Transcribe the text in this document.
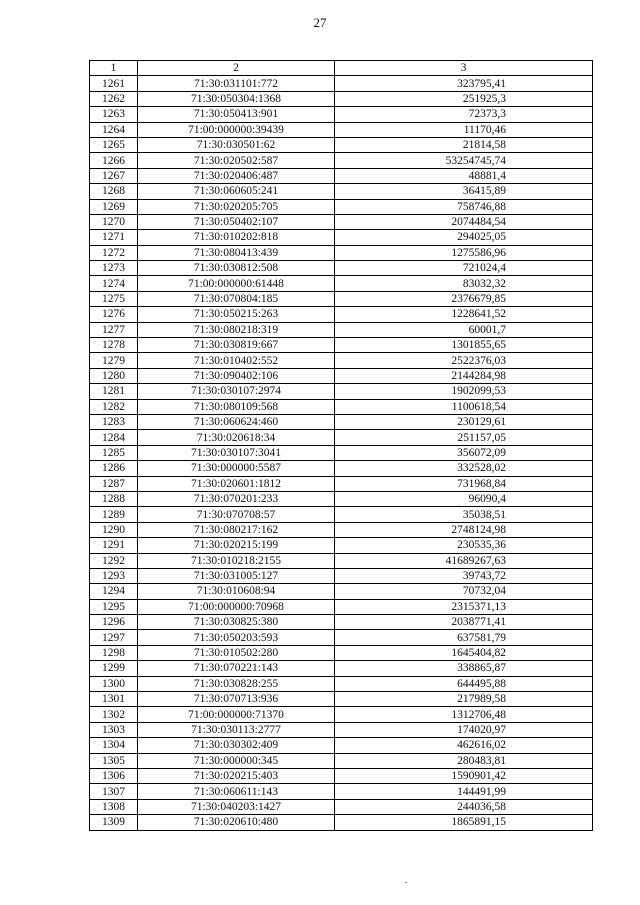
27
1	2	3
1261	71:30:031101:772	323795,41
1262	71:30:050304:1368	251925,3
1263	71:30:050413:901	72373,3
1264	71:00:000000:39439	11170,46
1265	71:30:030501:62	21814,58
1266	71:30:020502:587	53254745,74
1267	71:30:020406:487	48881,4
1268	71:30:060605:241	36415,89
1269	71:30:020205:705	758746,88
1270	71:30:050402:107	2074484,54
1271	71:30:010202:818	294025,05
1272	71:30:080413:439	1275586,96
1273	71:30:030812:508	721024,4
1274	71:00:000000:61448	83032,32
1275	71:30:070804:185	2376679,85
1276	71:30:050215:263	1228641,52
1277	71:30:080218:319	60001,7
1278	71:30:030819:667	1301855,65
1279	71:30:010402:552	2522376,03
1280	71:30:090402:106	2144284,98
1281	71:30:030107:2974	1902099,53
1282	71:30:080109:568	1100618,54
1283	71:30:060624:460	230129,61
1284	71:30:020618:34	251157,05
1285	71:30:030107:3041	356072,09
1286	71:30:000000:5587	332528,02
1287	71:30:020601:1812	731968,84
1288	71:30:070201:233	96090,4
1289	71:30:070708:57	35038,51
1290	71:30:080217:162	2748124,98
1291	71:30:020215:199	230535,36
1292	71:30:010218:2155	41689267,63
1293	71:30:031005:127	39743,72
1294	71:30:010608:94	70732,04
1295	71:00:000000:70968	2315371,13
1296	71:30:030825:380	2038771,41
1297	71:30:050203:593	637581,79
1298	71:30:010502:280	1645404,82
1299	71:30:070221:143	338865,87
1300	71:30:030828:255	644495,88
1301	71:30:070713:936	217989,58
1302	71:00:000000:71370	1312706,48
1303	71:30:030113:2777	174020,97
1304	71:30:030302:409	462616,02
1305	71:30:000000:345	280483,81
1306	71:30:020215:403	1590901,42
1307	71:30:060611:143	144491,99
1308	71:30:040203:1427	244036,58
1309	71:30:020610:480	1865891,15
